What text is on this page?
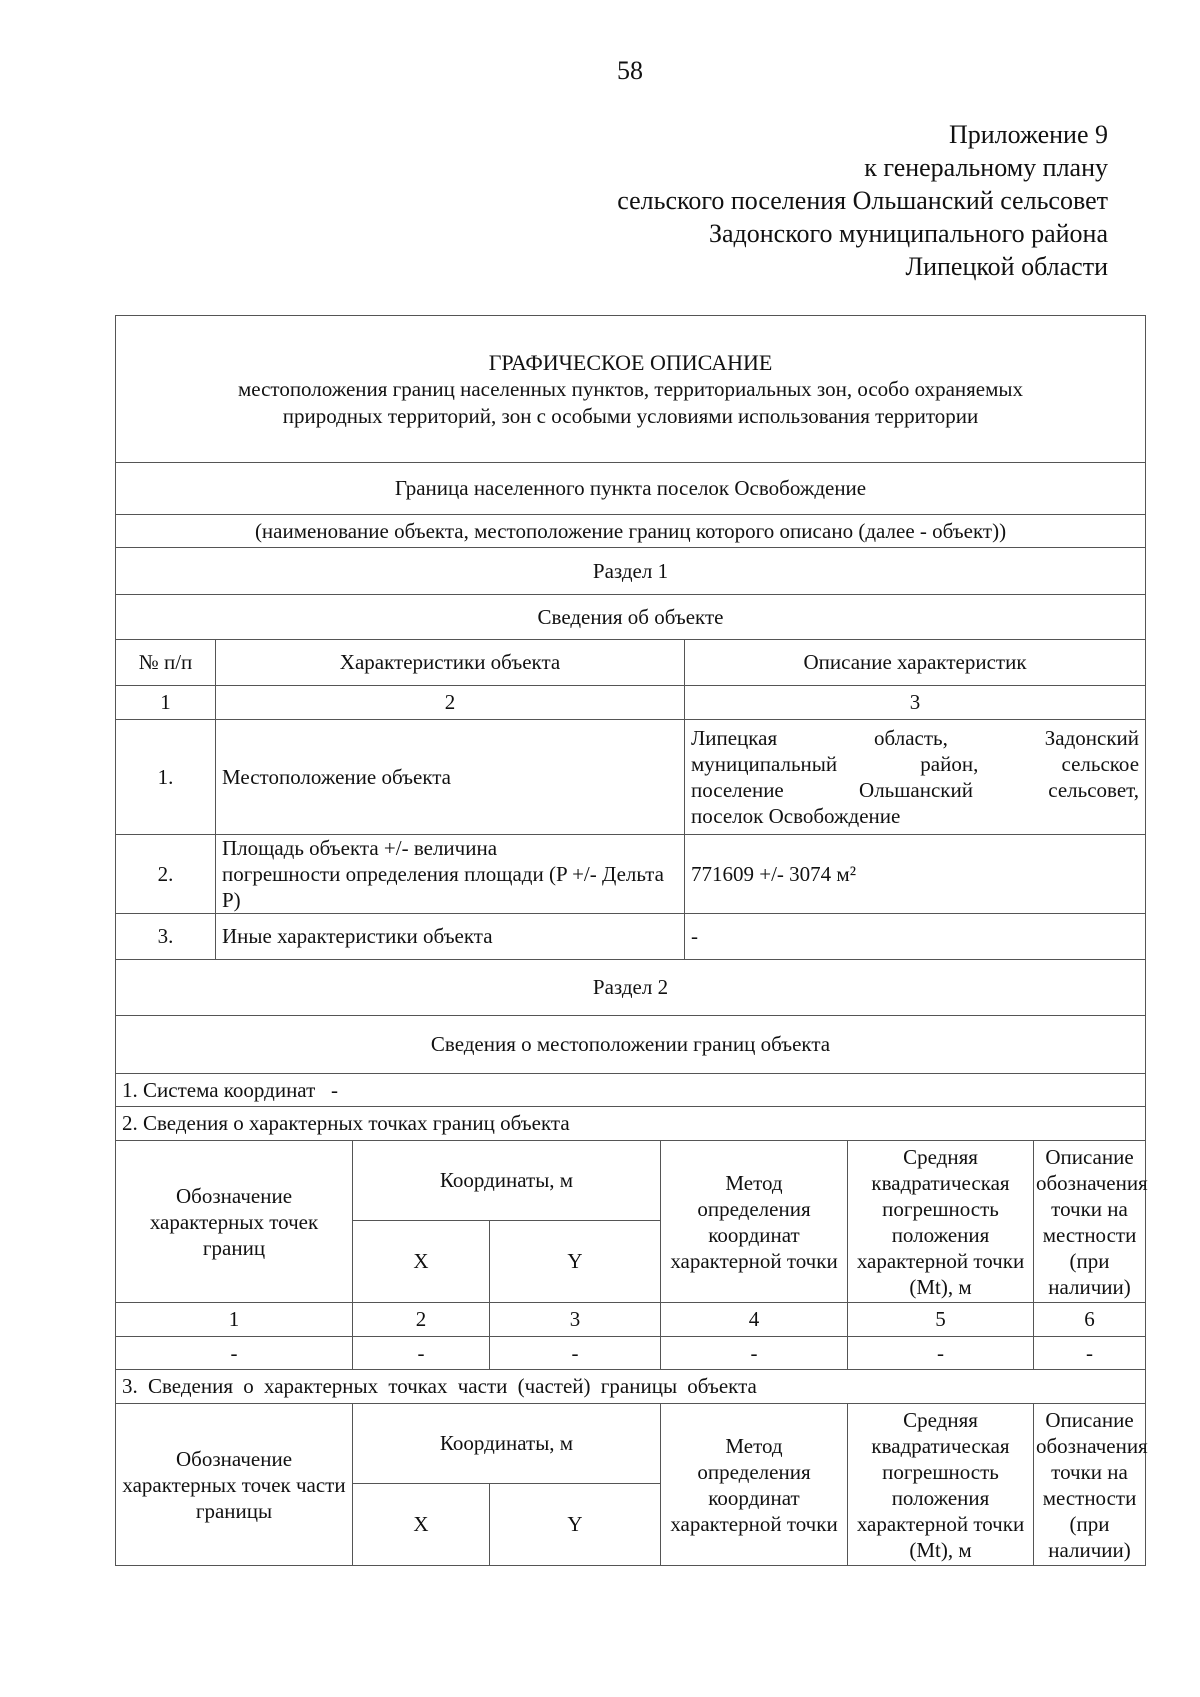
58
Приложение 9
к генеральному плану
сельского поселения Ольшанский сельсовет
Задонского муниципального района
Липецкой области
ГРАФИЧЕСКОЕ ОПИСАНИЕ
местоположения границ населенных пунктов, территориальных зон, особо охраняемых
природных территорий, зон с особыми условиями использования территории							

Граница населенного пункта поселок Освобождение							
(наименование объекта, местоположение границ которого описано (далее - объект))							
Раздел 1							
Сведения об объекте							
№ п/п	Характеристики объекта				Описание характеристик		
1	2				3		
1.	Местоположение объекта				Липецкая область, Задонский
муниципальный район, сельское
поселение Ольшанский сельсовет,
поселок Освобождение		

2.	Площадь объекта +/- величина
погрешности определения площади (P +/- Дельта P)				771609 +/- 3074 м²		
3.	Иные характеристики объекта				-		
Раздел 2							
Сведения о местоположении границ объекта							
1. Система координат   -							
2. Сведения о характерных точках границ объекта							
Обозначение характерных точек границ		Координаты, м		Метод определения координат характерной точки		Средняя квадратическая погрешность положения характерной точки (Mt), м	Описание обозначения точки на местности (при наличии)
		X	Y				
1		2	3	4		5	6
-		-	-	-		-	-
3. Сведения о характерных точках части (частей) границы объекта							
Обозначение характерных точек части границы		Координаты, м		Метод определения координат характерной точки		Средняя квадратическая погрешность положения характерной точки (Mt), м	Описание обозначения точки на местности (при наличии)
		X	Y				
